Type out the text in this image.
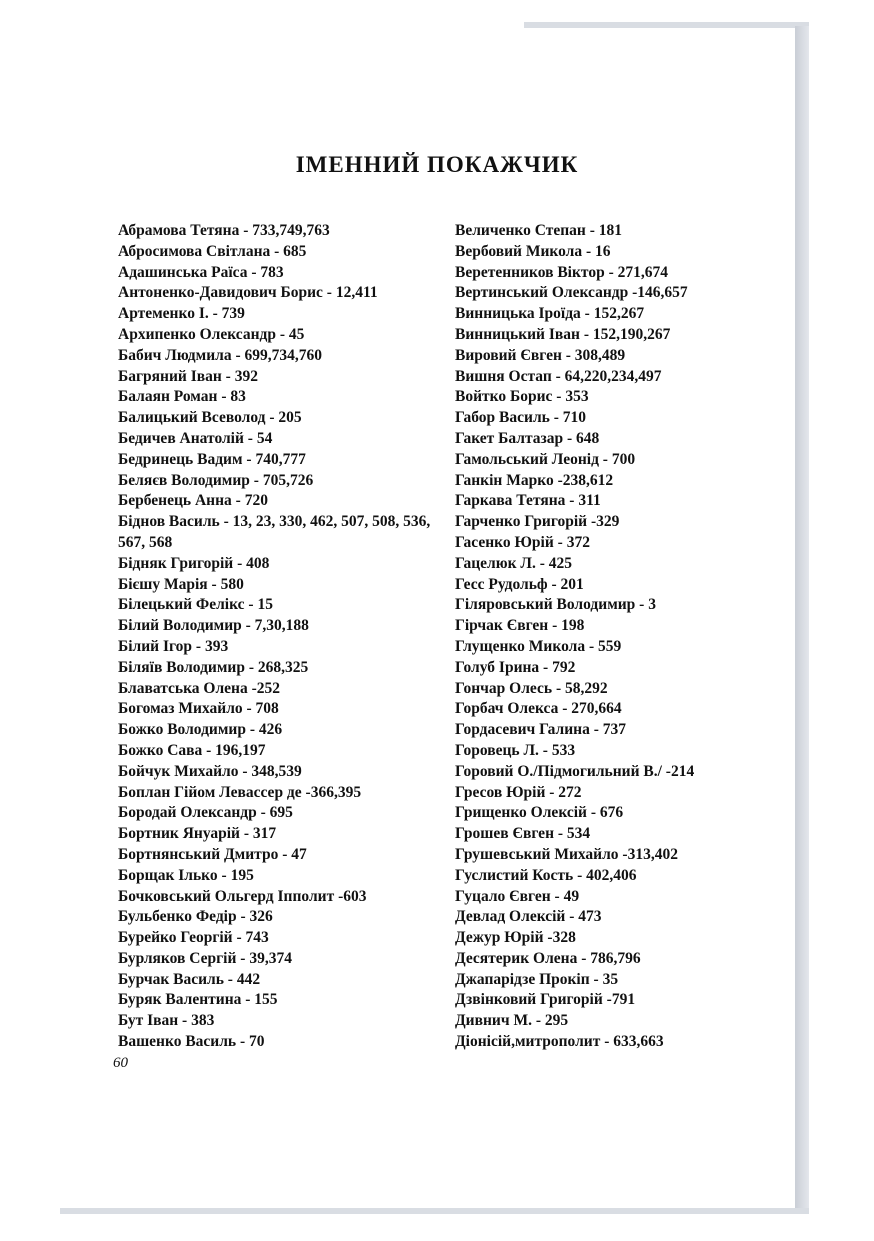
ІМЕННИЙ ПОКАЖЧИК
Абрамова Тетяна - 733,749,763
Абросимова Світлана - 685
Адашинська Раїса - 783
Антоненко-Давидович Борис - 12,411
Артеменко І. - 739
Архипенко Олександр - 45
Бабич Людмила - 699,734,760
Багряний Іван - 392
Балаян Роман - 83
Балицький Всеволод - 205
Бедичев Анатолій - 54
Бедринець Вадим - 740,777
Беляєв Володимир - 705,726
Бербенець Анна - 720
Біднов Василь - 13, 23, 330, 462, 507, 508, 536, 567, 568
Бідняк Григорій - 408
Бієшу Марія - 580
Білецький Фелікс - 15
Білий Володимир - 7,30,188
Білий Ігор - 393
Біляїв Володимир - 268,325
Блаватська Олена -252
Богомаз Михайло - 708
Божко Володимир - 426
Божко Сава - 196,197
Бойчук Михайло - 348,539
Боплан Гійом Левассер де -366,395
Бородай Олександр - 695
Бортник Януарій - 317
Бортнянський Дмитро - 47
Борщак Ілько - 195
Бочковський Ольгерд Іпполит -603
Бульбенко Федір - 326
Бурейко Георгій - 743
Бурляков Сергій - 39,374
Бурчак Василь - 442
Буряк Валентина - 155
Бут Іван - 383
Вашенко Василь - 70
Величенко Степан - 181
Вербовий Микола - 16
Веретенников Віктор - 271,674
Вертинський Олександр -146,657
Винницька Іроїда - 152,267
Винницький Іван - 152,190,267
Вировий Євген - 308,489
Вишня Остап - 64,220,234,497
Войтко Борис - 353
Габор Василь - 710
Гакет Балтазар - 648
Гамольський Леонід - 700
Ганкін Марко -238,612
Гаркава Тетяна - 311
Гарченко Григорій -329
Гасенко Юрій - 372
Гацелюк Л. - 425
Гесс Рудольф - 201
Гіляровський Володимир - 3
Гірчак Євген - 198
Глущенко Микола - 559
Голуб Ірина - 792
Гончар Олесь - 58,292
Горбач Олекса - 270,664
Гордасевич Галина - 737
Горовець Л. - 533
Горовий О./Підмогильний В./ -214
Гресов Юрій - 272
Грищенко Олексій - 676
Грошев Євген - 534
Грушевський Михайло -313,402
Гуслистий Кость - 402,406
Гуцало Євген - 49
Девлад Олексій - 473
Дежур Юрій -328
Десятерик Олена - 786,796
Джапарідзе Прокіп - 35
Дзвінковий Григорій -791
Дивнич М. - 295
Діонісій,митрополит - 633,663
60
